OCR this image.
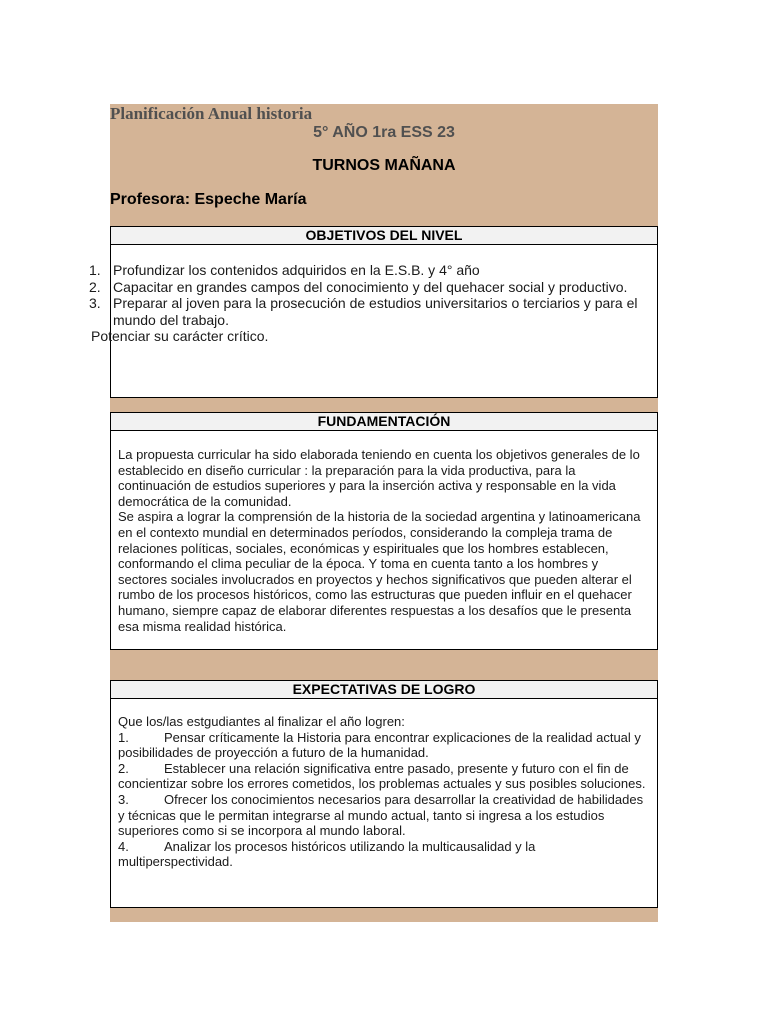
Planificación Anual historia
5° AÑO 1ra ESS 23
TURNOS MAÑANA
Profesora: Espeche María
OBJETIVOS DEL NIVEL
1. Profundizar los contenidos adquiridos en la E.S.B. y 4° año
2. Capacitar en grandes campos del conocimiento y del quehacer social y productivo.
3. Preparar al joven para la prosecución de estudios universitarios o terciarios y para el mundo del trabajo.
Potenciar su carácter crítico.
FUNDAMENTACIÓN

La propuesta curricular ha sido elaborada teniendo en cuenta los objetivos generales de lo establecido en diseño curricular : la preparación para la vida productiva, para la continuación de estudios superiores y para la inserción activa y responsable en la vida democrática de la comunidad.

Se aspira a lograr la comprensión de la historia de la sociedad argentina y latinoamericana en el contexto mundial en determinados períodos, considerando la compleja trama de relaciones políticas, sociales, económicas y espirituales que los hombres establecen, conformando el clima peculiar de la época. Y toma en cuenta tanto a los hombres y sectores sociales involucrados en proyectos y hechos significativos que pueden alterar el rumbo de los procesos históricos, como las estructuras que pueden influir en el quehacer humano, siempre capaz de elaborar diferentes respuestas a los desafíos que le presenta esa misma realidad histórica.

EXPECTATIVAS DE LOGRO

Que los/las estgudiantes al finalizar el año logren:

1.	Pensar críticamente la Historia para encontrar explicaciones de la realidad actual y posibilidades de proyección a futuro de la humanidad.

2.	Establecer una relación significativa entre pasado, presente y futuro con el fin de concientizar sobre los errores cometidos, los problemas actuales y sus posibles soluciones.

3.	Ofrecer los conocimientos necesarios para desarrollar la creatividad de habilidades y técnicas que le permitan integrarse al mundo actual, tanto si ingresa a los estudios superiores como si se incorpora al mundo laboral.

4.	Analizar los procesos históricos utilizando la multicausalidad y la multiperspectividad.
